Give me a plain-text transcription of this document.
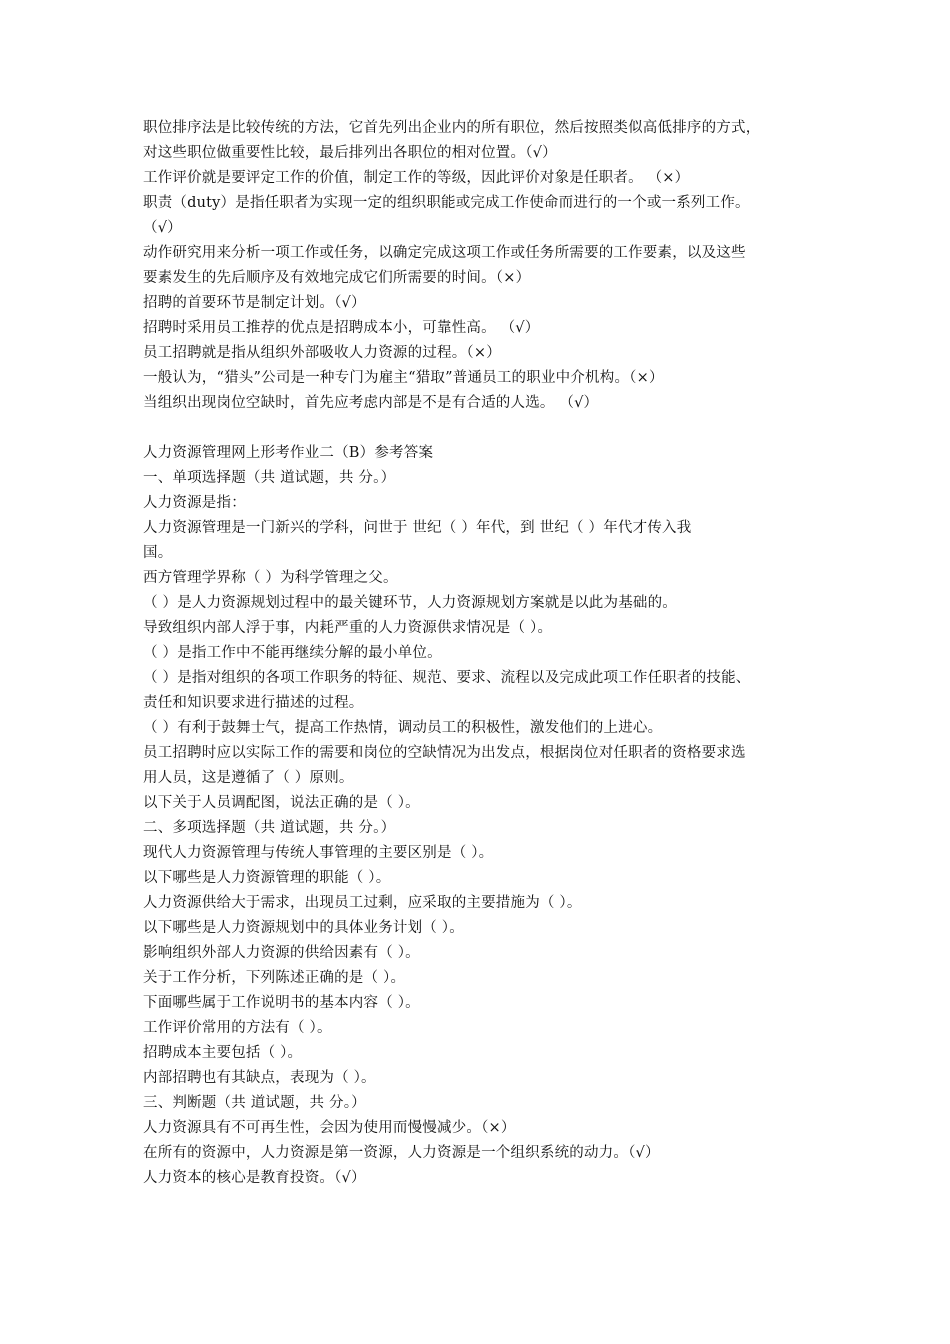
职位排序法是比较传统的方法，它首先列出企业内的所有职位，然后按照类似高低排序的方式，
对这些职位做重要性比较，最后排列出各职位的相对位置。（√）
工作评价就是要评定工作的价值，制定工作的等级，因此评价对象是任职者。 （×）
职责（duty）是指任职者为实现一定的组织职能或完成工作使命而进行的一个或一系列工作。
（√）
动作研究用来分析一项工作或任务，以确定完成这项工作或任务所需要的工作要素，以及这些
要素发生的先后顺序及有效地完成它们所需要的时间。（×）
招聘的首要环节是制定计划。（√）
招聘时采用员工推荐的优点是招聘成本小，可靠性高。 （√）
员工招聘就是指从组织外部吸收人力资源的过程。（×）
一般认为，“猎头”公司是一种专门为雇主“猎取”普通员工的职业中介机构。（×）
当组织出现岗位空缺时，首先应考虑内部是不是有合适的人选。 （√）
人力资源管理网上形考作业二（B）参考答案
一、单项选择题（共 道试题，共 分。）
人力资源是指：
人力资源管理是一门新兴的学科，问世于 世纪（ ）年代，到 世纪（ ）年代才传入我
国。
西方管理学界称（ ）为科学管理之父。
（ ）是人力资源规划过程中的最关键环节，人力资源规划方案就是以此为基础的。
导致组织内部人浮于事，内耗严重的人力资源供求情况是（ ）。
（ ）是指工作中不能再继续分解的最小单位。
（ ）是指对组织的各项工作职务的特征、规范、要求、流程以及完成此项工作任职者的技能、
责任和知识要求进行描述的过程。
（ ）有利于鼓舞士气，提高工作热情，调动员工的积极性，激发他们的上进心。
员工招聘时应以实际工作的需要和岗位的空缺情况为出发点，根据岗位对任职者的资格要求选
用人员，这是遵循了（ ）原则。
以下关于人员调配图，说法正确的是（ ）。
二、多项选择题（共 道试题，共 分。）
现代人力资源管理与传统人事管理的主要区别是（ ）。
以下哪些是人力资源管理的职能（ ）。
人力资源供给大于需求，出现员工过剩，应采取的主要措施为（ ）。
以下哪些是人力资源规划中的具体业务计划（ ）。
影响组织外部人力资源的供给因素有（ ）。
关于工作分析，下列陈述正确的是（ ）。
下面哪些属于工作说明书的基本内容（ ）。
工作评价常用的方法有（ ）。
招聘成本主要包括（ ）。
内部招聘也有其缺点，表现为（ ）。
三、判断题（共 道试题，共 分。）
人力资源具有不可再生性，会因为使用而慢慢减少。（×）
在所有的资源中，人力资源是第一资源，人力资源是一个组织系统的动力。（√）
人力资本的核心是教育投资。（√）
